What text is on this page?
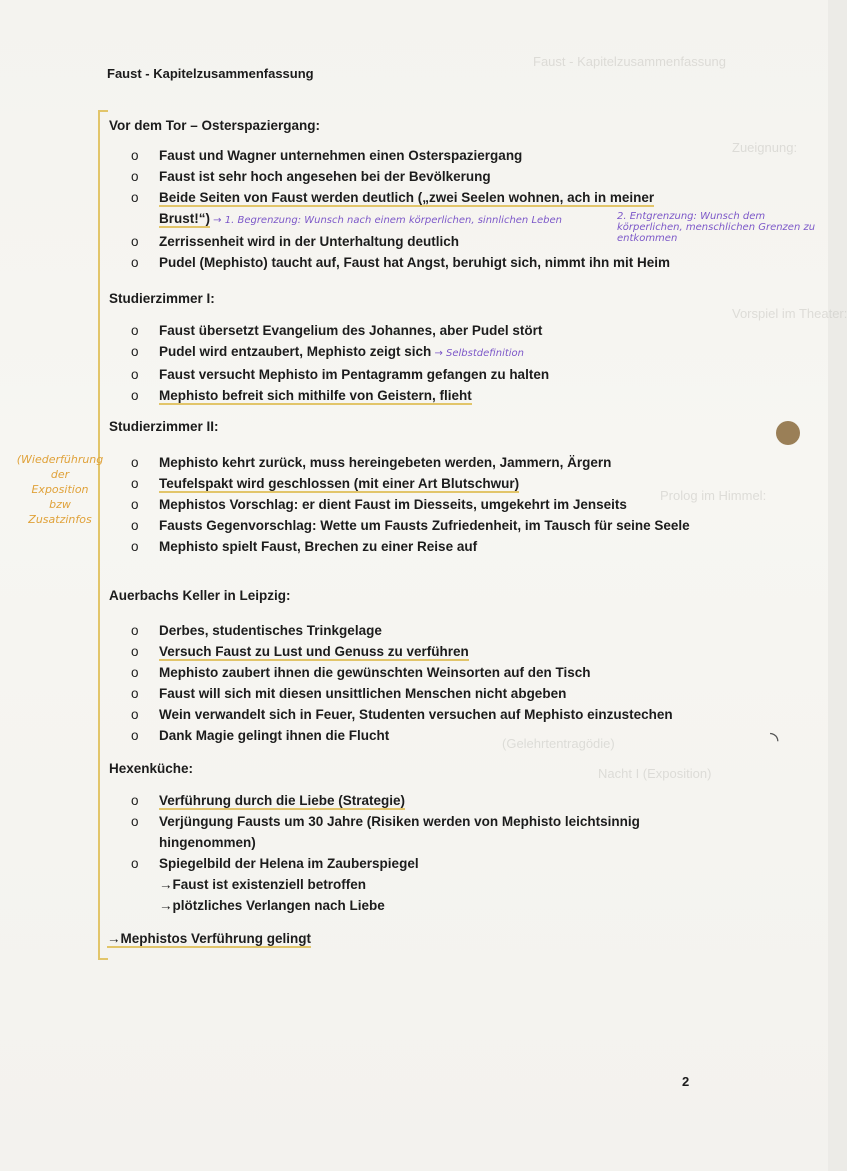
Faust - Kapitelzusammenfassung
Zueignung:
Vorspiel im Theater:
Prolog im Himmel:
Nacht I (Exposition)
(Gelehrtentragödie)
Faust - Kapitelzusammenfassung
(Wiederführung
der
Exposition
bzw
Zusatzinfos
Vor dem Tor – Osterspaziergang:
o Faust und Wagner unternehmen einen Osterspaziergang
o Faust ist sehr hoch angesehen bei der Bevölkerung
o Beide Seiten von Faust werden deutlich („zwei Seelen wohnen, ach in meiner Brust!“) → 1. Begrenzung: Wunsch nach einem körperlichen, sinnlichen Leben
o Zerrissenheit wird in der Unterhaltung deutlich
o Pudel (Mephisto) taucht auf, Faust hat Angst, beruhigt sich, nimmt ihn mit Heim
2. Entgrenzung: Wunsch dem körperlichen, menschlichen Grenzen zu entkommen
Studierzimmer I:
o Faust übersetzt Evangelium des Johannes, aber Pudel stört
o Pudel wird entzaubert, Mephisto zeigt sich → Selbstdefinition
o Faust versucht Mephisto im Pentagramm gefangen zu halten
o Mephisto befreit sich mithilfe von Geistern, flieht
Studierzimmer II:
o Mephisto kehrt zurück, muss hereingebeten werden, Jammern, Ärgern
o Teufelspakt wird geschlossen (mit einer Art Blutschwur)
o Mephistos Vorschlag: er dient Faust im Diesseits, umgekehrt im Jenseits
o Fausts Gegenvorschlag: Wette um Fausts Zufriedenheit, im Tausch für seine Seele
o Mephisto spielt Faust, Brechen zu einer Reise auf
Auerbachs Keller in Leipzig:
o Derbes, studentisches Trinkgelage
o Versuch Faust zu Lust und Genuss zu verführen
o Mephisto zaubert ihnen die gewünschten Weinsorten auf den Tisch
o Faust will sich mit diesen unsittlichen Menschen nicht abgeben
o Wein verwandelt sich in Feuer, Studenten versuchen auf Mephisto einzustechen
o Dank Magie gelingt ihnen die Flucht
Hexenküche:
o Verführung durch die Liebe (Strategie)
o Verjüngung Fausts um 30 Jahre (Risiken werden von Mephisto leichtsinnig hingenommen)
o Spiegelbild der Helena im Zauberspiegel
→Faust ist existenziell betroffen
→plötzliches Verlangen nach Liebe
→Mephistos Verführung gelingt
2
◝
